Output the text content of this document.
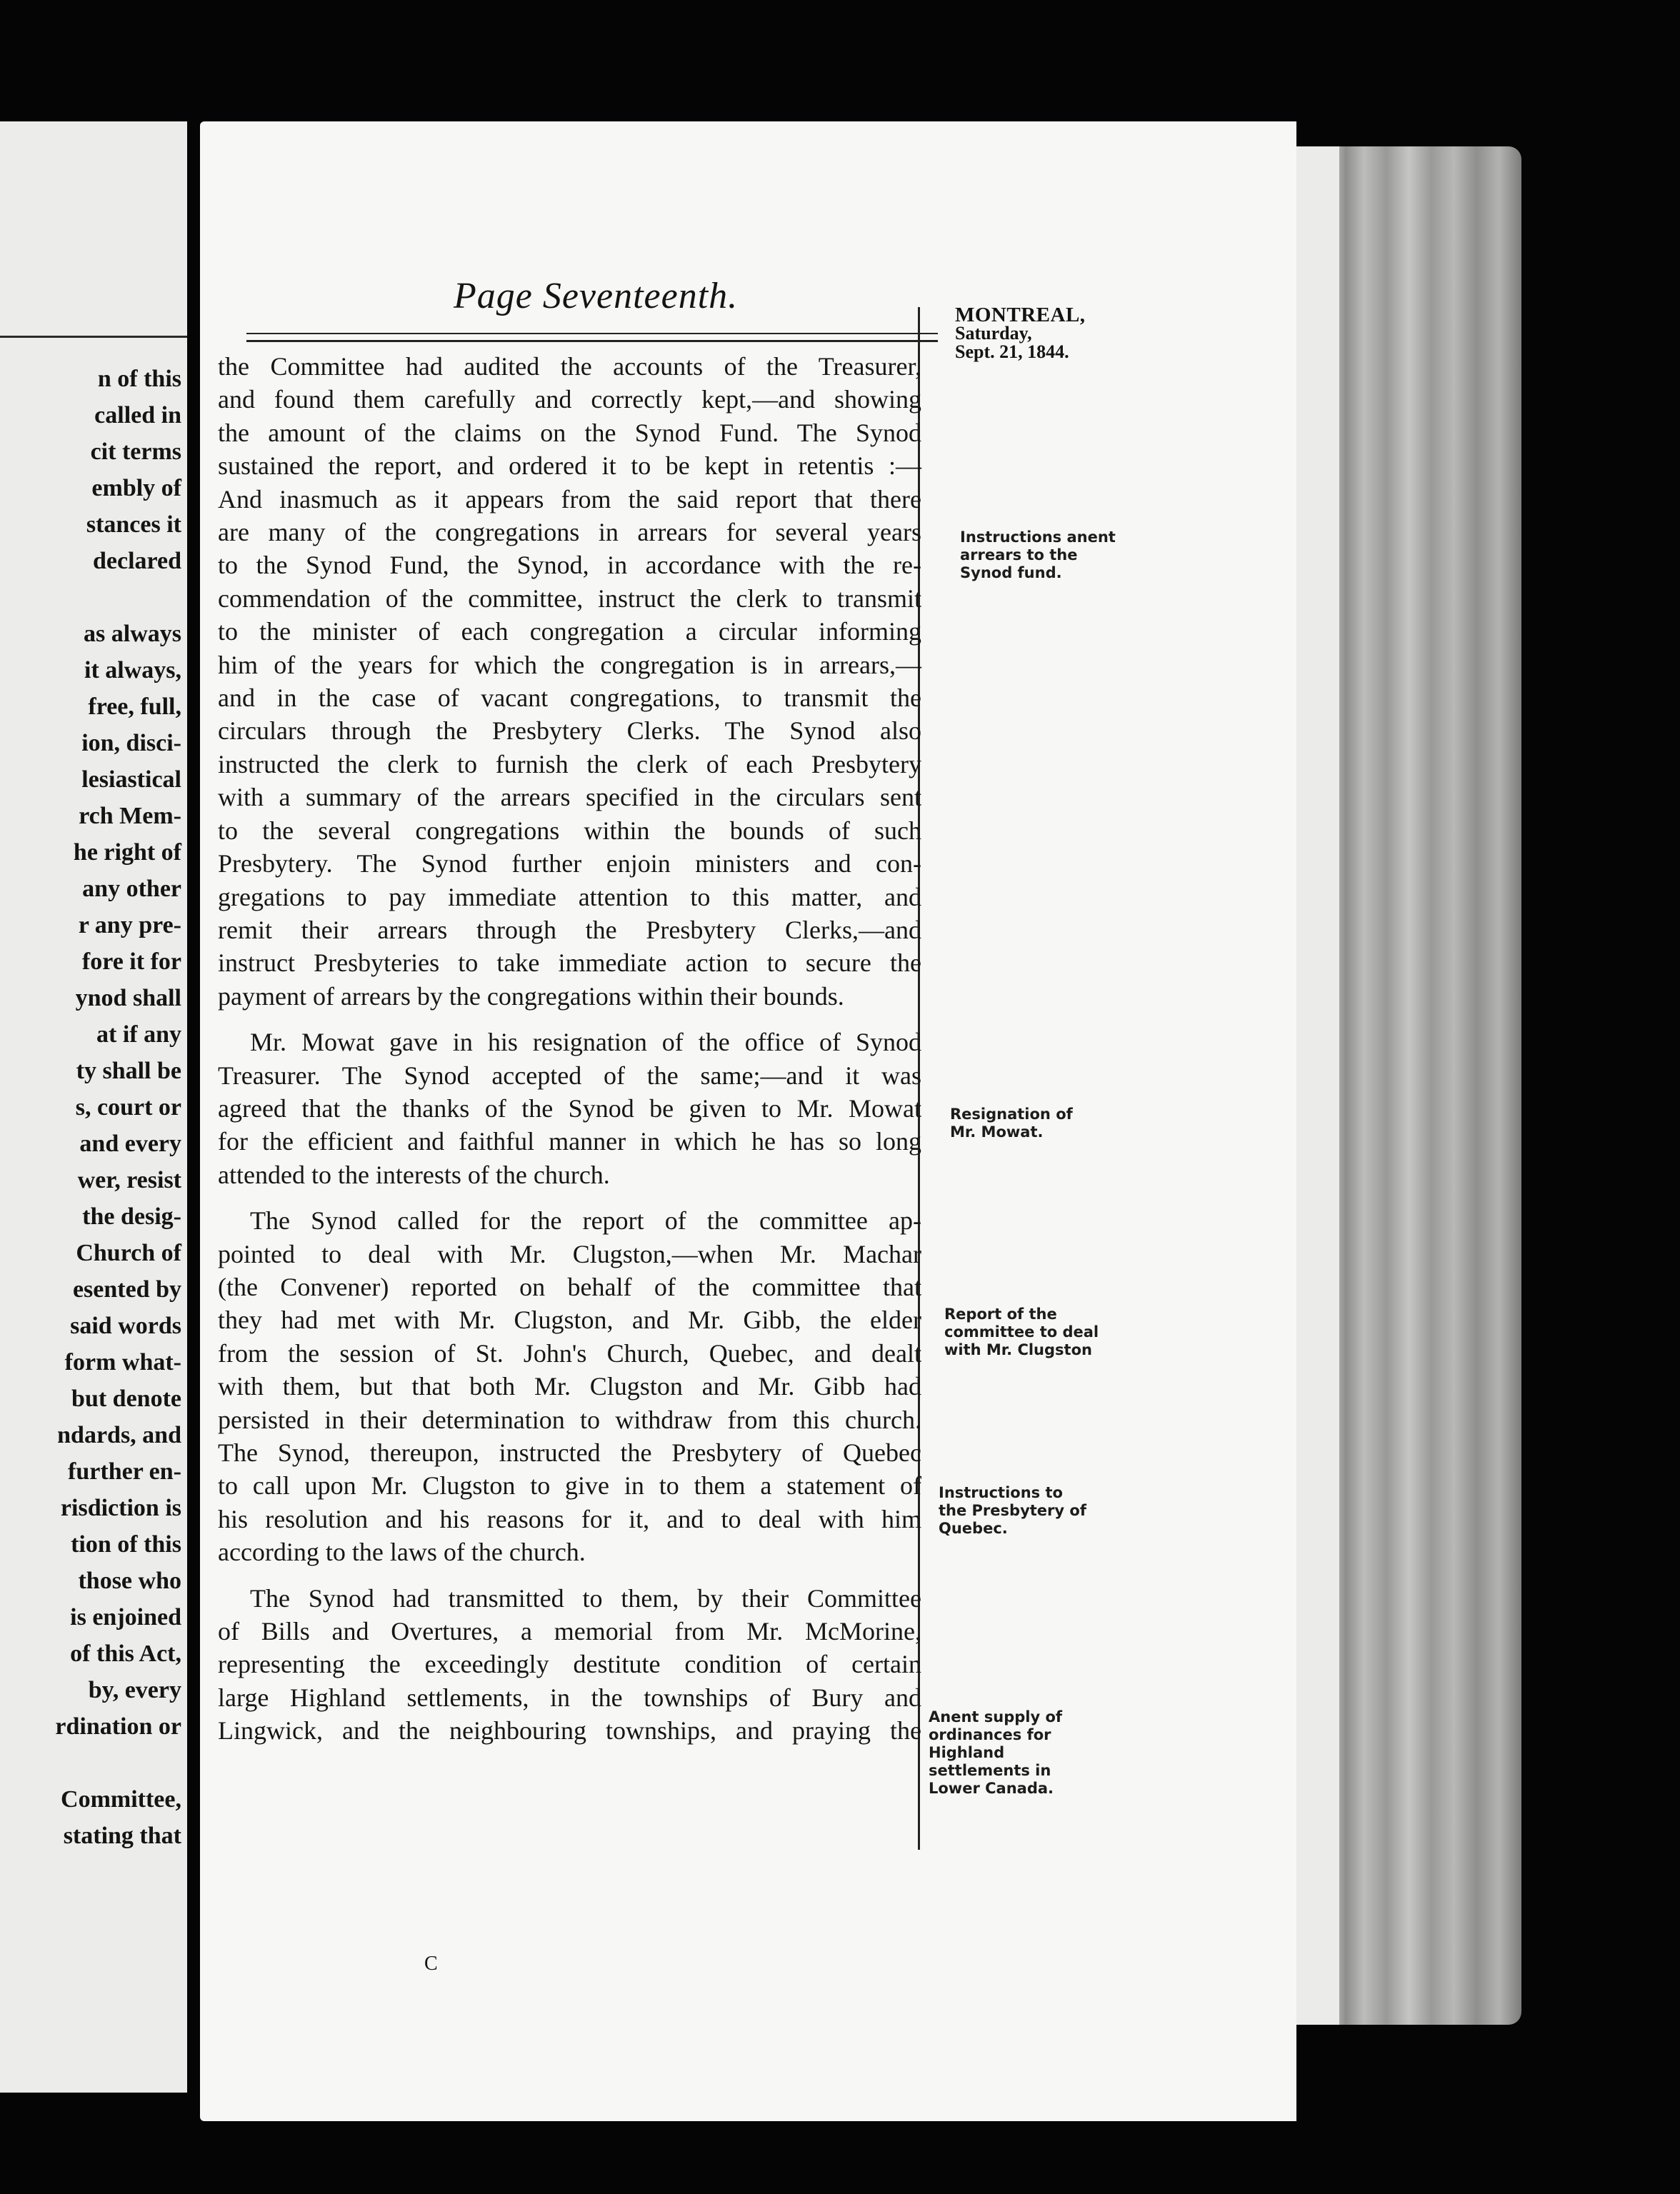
n of this
called in
cit terms
embly of
stances it
declared
as always
it always,
free, full,
ion, disci-
lesiastical
rch Mem-
he right of
any other
r any pre-
fore it for
ynod shall
at if any
ty shall be
s, court or
and every
wer, resist
the desig-
Church of
esented by
said words
form what-
but denote
ndards, and
further en-
risdiction is
tion of this
those who
is enjoined
of this Act,
by, every
rdination or
Committee,
stating that
Page Seventeenth.	MONTREAL,
Saturday,
Sept. 21, 1844.
the Committee had audited the accounts of the Treasurer,
and found them carefully and correctly kept,—and showing
the amount of the claims on the Synod Fund. The Synod
sustained the report, and ordered it to be kept in retentis :—
And inasmuch as it appears from the said report that there
are many of the congregations in arrears for several years
to the Synod Fund, the Synod, in accordance with the re-
commendation of the committee, instruct the clerk to transmit
to the minister of each congregation a circular informing
him of the years for which the congregation is in arrears,—
and in the case of vacant congregations, to transmit the
circulars through the Presbytery Clerks. The Synod also
instructed the clerk to furnish the clerk of each Presbytery
with a summary of the arrears specified in the circulars sent
to the several congregations within the bounds of such
Presbytery. The Synod further enjoin ministers and con-
gregations to pay immediate attention to this matter, and
remit their arrears through the Presbytery Clerks,—and
instruct Presbyteries to take immediate action to secure the
payment of arrears by the congregations within their bounds.
Mr. Mowat gave in his resignation of the office of Synod
Treasurer. The Synod accepted of the same;—and it was
agreed that the thanks of the Synod be given to Mr. Mowat
for the efficient and faithful manner in which he has so long
attended to the interests of the church.
The Synod called for the report of the committee ap-
pointed to deal with Mr. Clugston,—when Mr. Machar
(the Convener) reported on behalf of the committee that
they had met with Mr. Clugston, and Mr. Gibb, the elder
from the session of St. John's Church, Quebec, and dealt
with them, but that both Mr. Clugston and Mr. Gibb had
persisted in their determination to withdraw from this church.
The Synod, thereupon, instructed the Presbytery of Quebec
to call upon Mr. Clugston to give in to them a statement of
his resolution and his reasons for it, and to deal with him
according to the laws of the church.
The Synod had transmitted to them, by their Committee
of Bills and Overtures, a memorial from Mr. McMorine,
representing the exceedingly destitute condition of certain
large Highland settlements, in the townships of Bury and
Lingwick, and the neighbouring townships, and praying the
Instructions anent
arrears to the
Synod fund.
Resignation of
Mr. Mowat.
Report of the
committee to deal
with Mr. Clugston
Instructions to
the Presbytery of
Quebec.
Anent supply of
ordinances for
Highland
settlements in
Lower Canada.
C
